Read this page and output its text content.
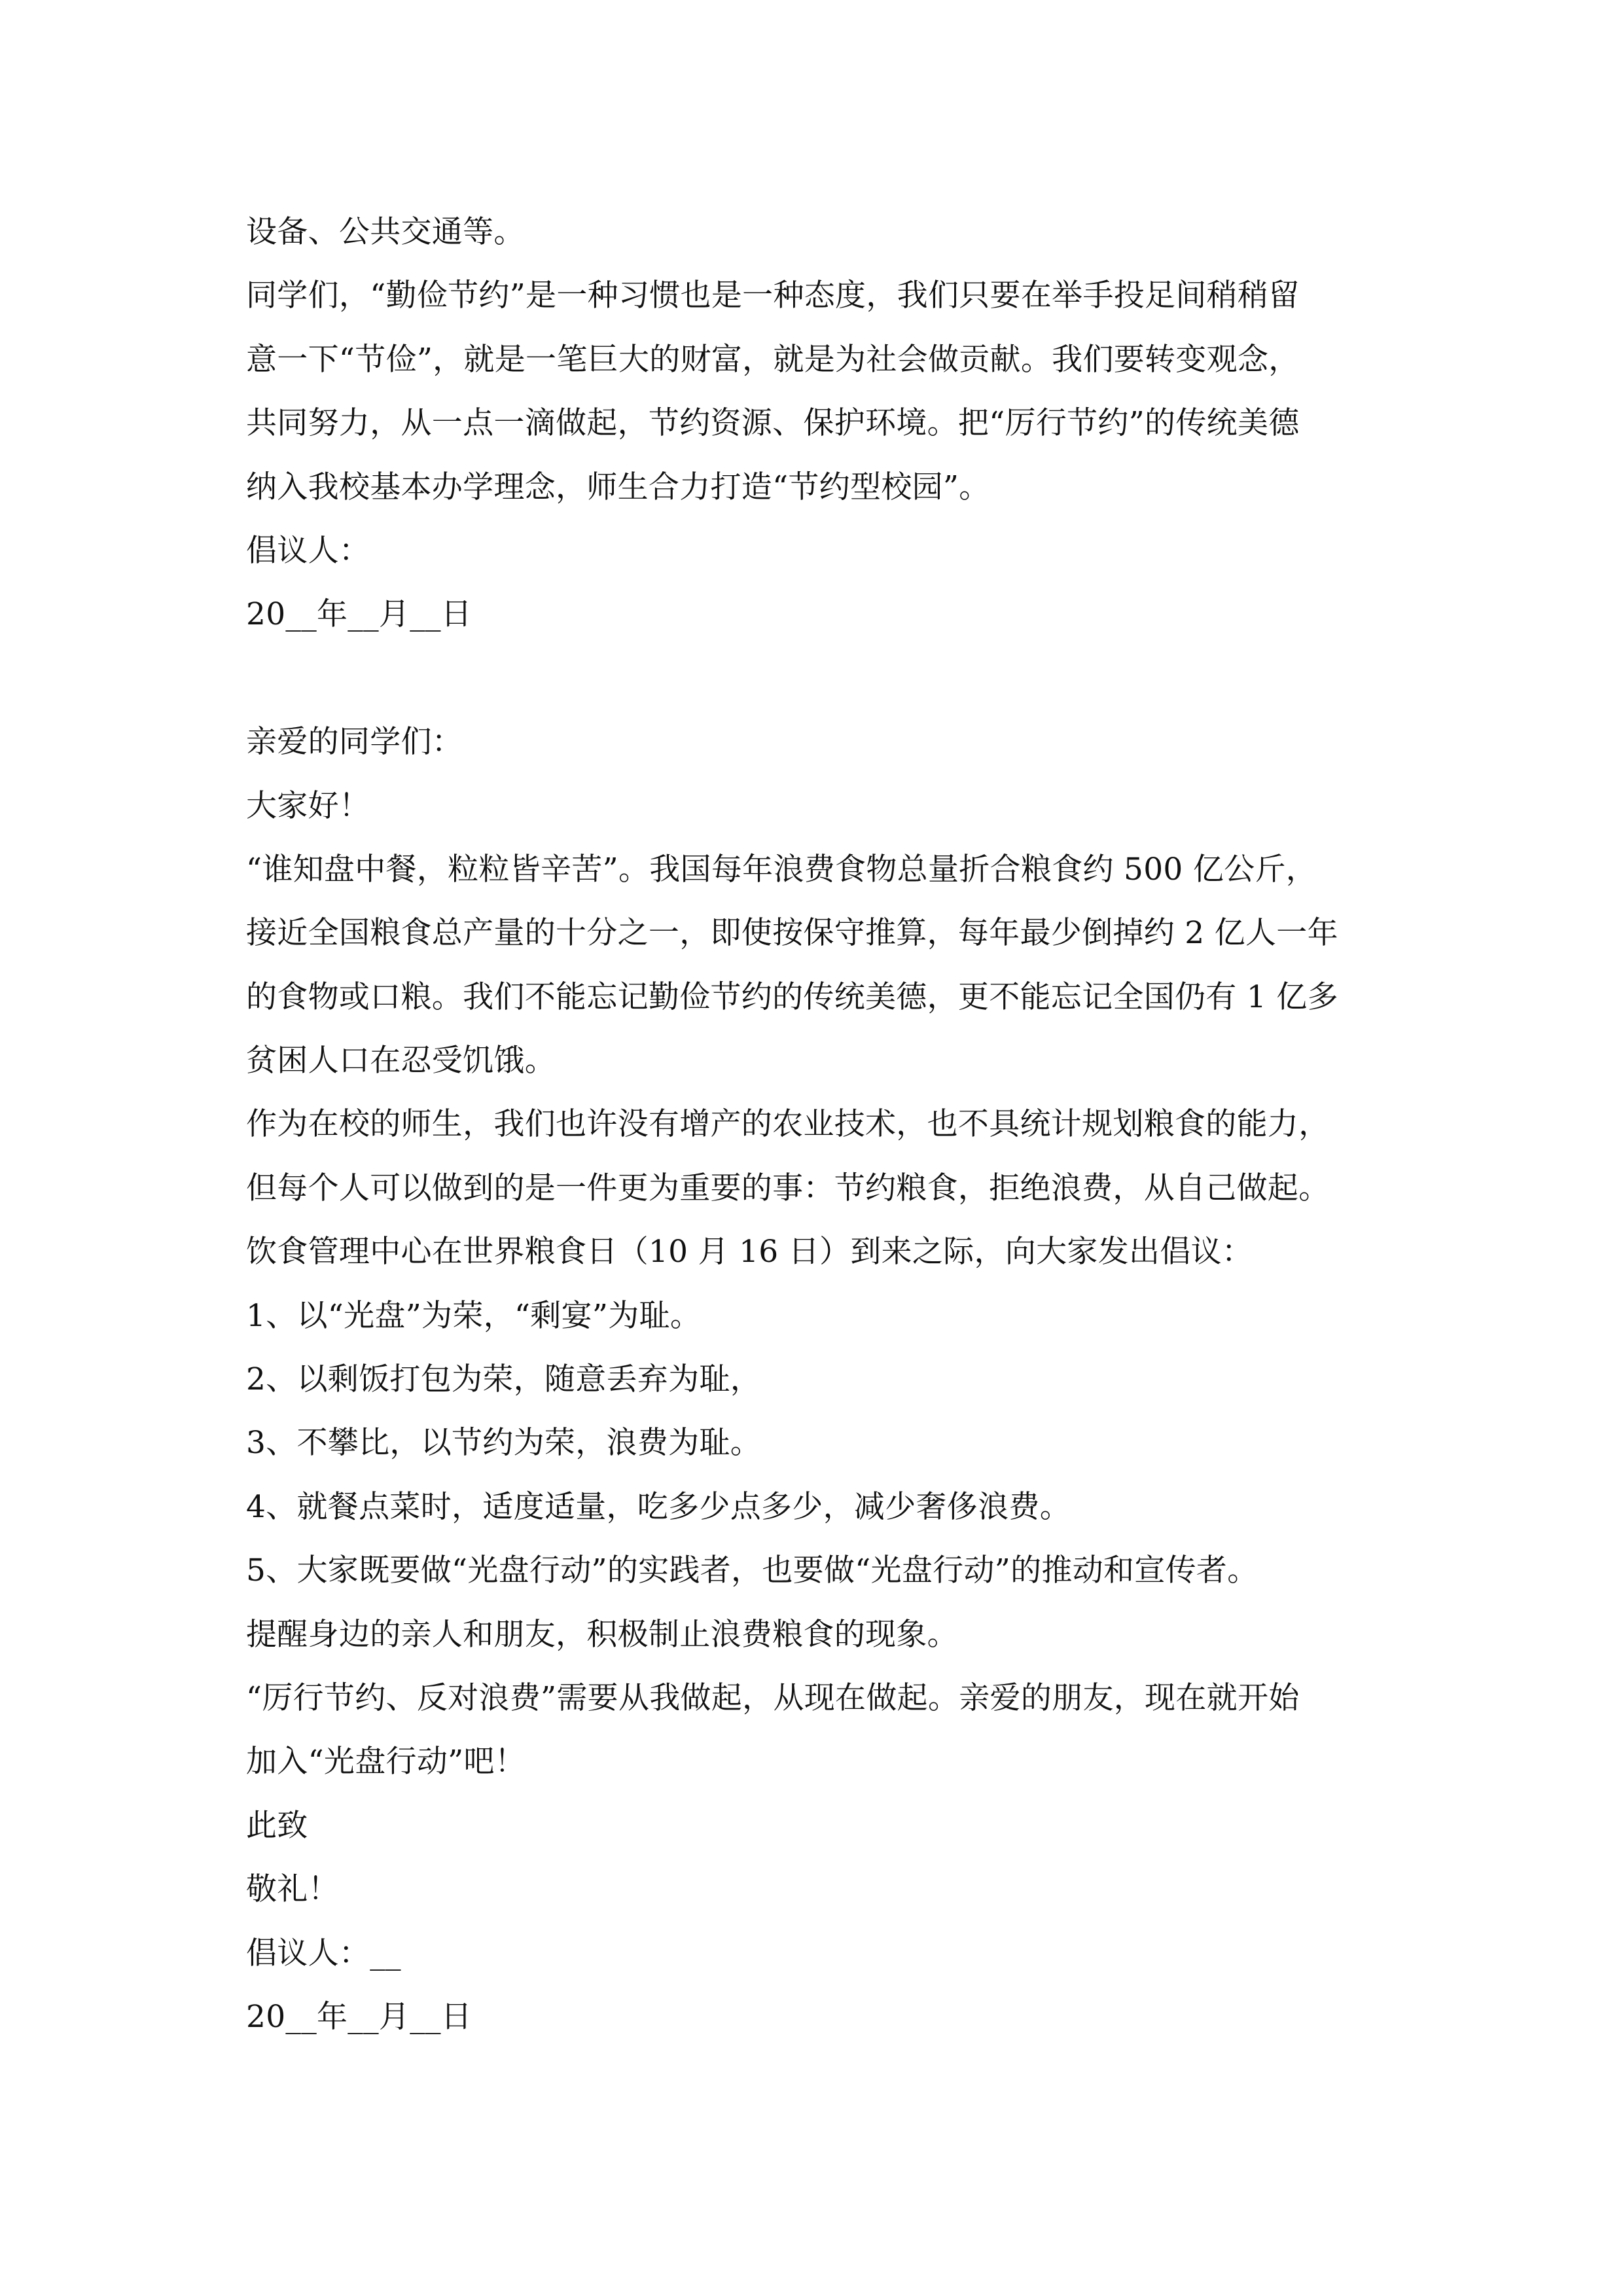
设备、公共交通等。
同学们，“勤俭节约”是一种习惯也是一种态度，我们只要在举手投足间稍稍留
意一下“节俭”，就是一笔巨大的财富，就是为社会做贡献。我们要转变观念，
共同努力，从一点一滴做起，节约资源、保护环境。把“厉行节约”的传统美德
纳入我校基本办学理念，师生合力打造“节约型校园”。
倡议人：
20__年__月__日
亲爱的同学们：
大家好！
“谁知盘中餐，粒粒皆辛苦”。我国每年浪费食物总量折合粮食约 500 亿公斤，
接近全国粮食总产量的十分之一，即使按保守推算，每年最少倒掉约 2 亿人一年
的食物或口粮。我们不能忘记勤俭节约的传统美德，更不能忘记全国仍有 1 亿多
贫困人口在忍受饥饿。
作为在校的师生，我们也许没有增产的农业技术，也不具统计规划粮食的能力，
但每个人可以做到的是一件更为重要的事：节约粮食，拒绝浪费，从自己做起。
饮食管理中心在世界粮食日（10 月 16 日）到来之际，向大家发出倡议：
1、以“光盘”为荣，“剩宴”为耻。
2、以剩饭打包为荣，随意丢弃为耻，
3、不攀比，以节约为荣，浪费为耻。
4、就餐点菜时，适度适量，吃多少点多少，减少奢侈浪费。
5、大家既要做“光盘行动”的实践者，也要做“光盘行动”的推动和宣传者。
提醒身边的亲人和朋友，积极制止浪费粮食的现象。
“厉行节约、反对浪费”需要从我做起，从现在做起。亲爱的朋友，现在就开始
加入“光盘行动”吧！
此致
敬礼！
倡议人：__
20__年__月__日
